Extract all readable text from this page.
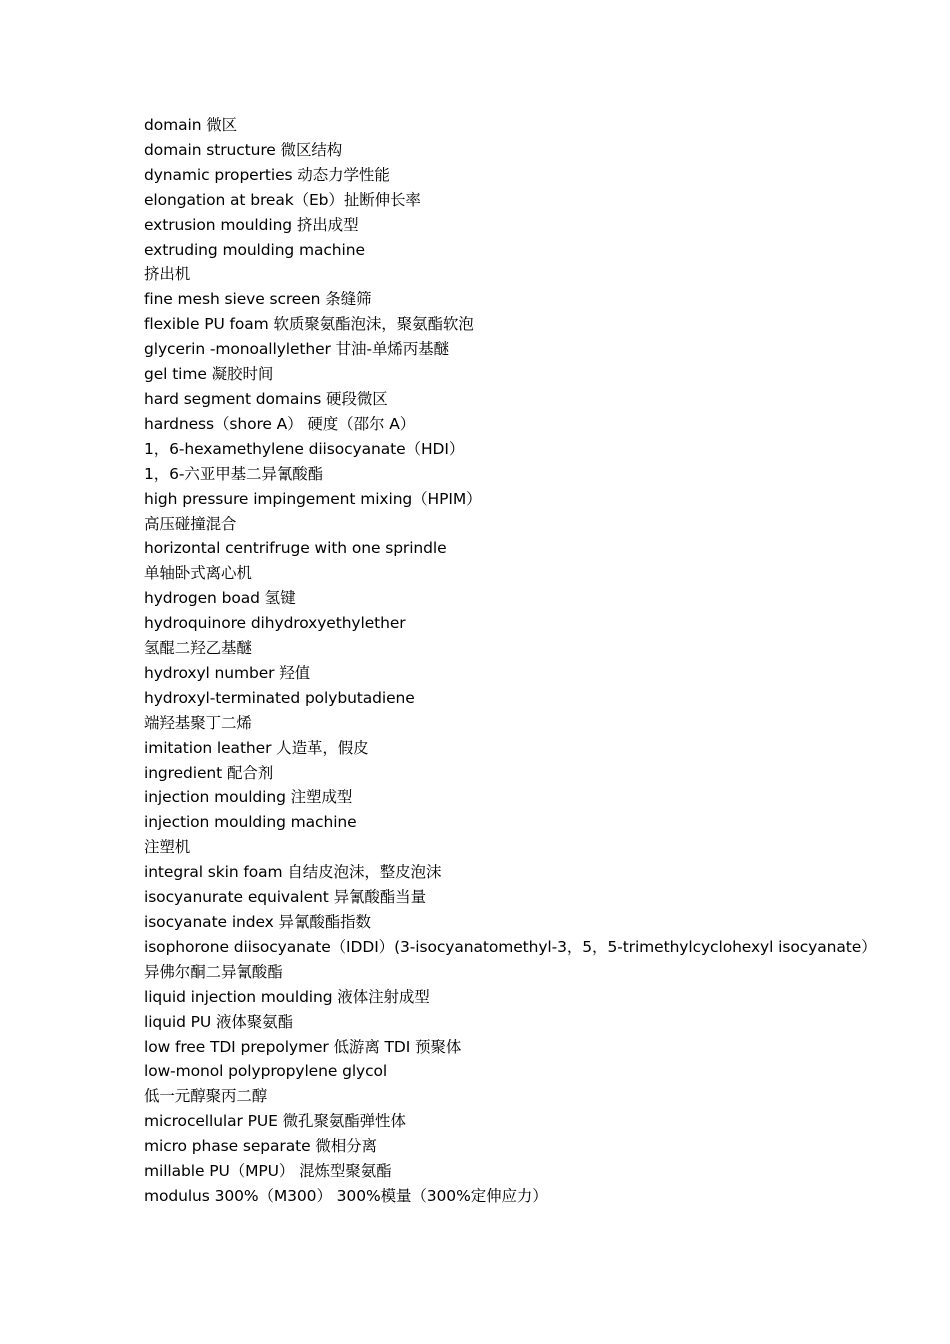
domain 微区
domain structure 微区结构
dynamic properties 动态力学性能
elongation at break（Eb）扯断伸长率
extrusion moulding 挤出成型
extruding moulding machine
挤出机
fine mesh sieve screen 条缝筛
flexible PU foam 软质聚氨酯泡沫，聚氨酯软泡
glycerin -monoallylether 甘油-单烯丙基醚
gel time 凝胶时间
hard segment domains 硬段微区
hardness（shore A） 硬度（邵尔 A）
1，6-hexamethylene diisocyanate（HDI）
1，6-六亚甲基二异氰酸酯
high pressure impingement mixing（HPIM）
高压碰撞混合
horizontal centrifruge with one sprindle
单轴卧式离心机
hydrogen boad 氢键
hydroquinore dihydroxyethylether
氢醌二羟乙基醚
hydroxyl number 羟值
hydroxyl-terminated polybutadiene
端羟基聚丁二烯
imitation leather 人造革，假皮
ingredient 配合剂
injection moulding 注塑成型
injection moulding machine
注塑机
integral skin foam 自结皮泡沫，整皮泡沫
isocyanurate equivalent 异氰酸酯当量
isocyanate index 异氰酸酯指数
isophorone diisocyanate（IDDI）(3-isocyanatomethyl-3，5，5-trimethylcyclohexyl isocyanate）
异佛尔酮二异氰酸酯
liquid injection moulding 液体注射成型
liquid PU 液体聚氨酯
low free TDI prepolymer 低游离 TDI 预聚体
low-monol polypropylene glycol
低一元醇聚丙二醇
microcellular PUE 微孔聚氨酯弹性体
micro phase separate 微相分离
millable PU（MPU） 混炼型聚氨酯
modulus 300%（M300） 300%模量（300%定伸应力）
